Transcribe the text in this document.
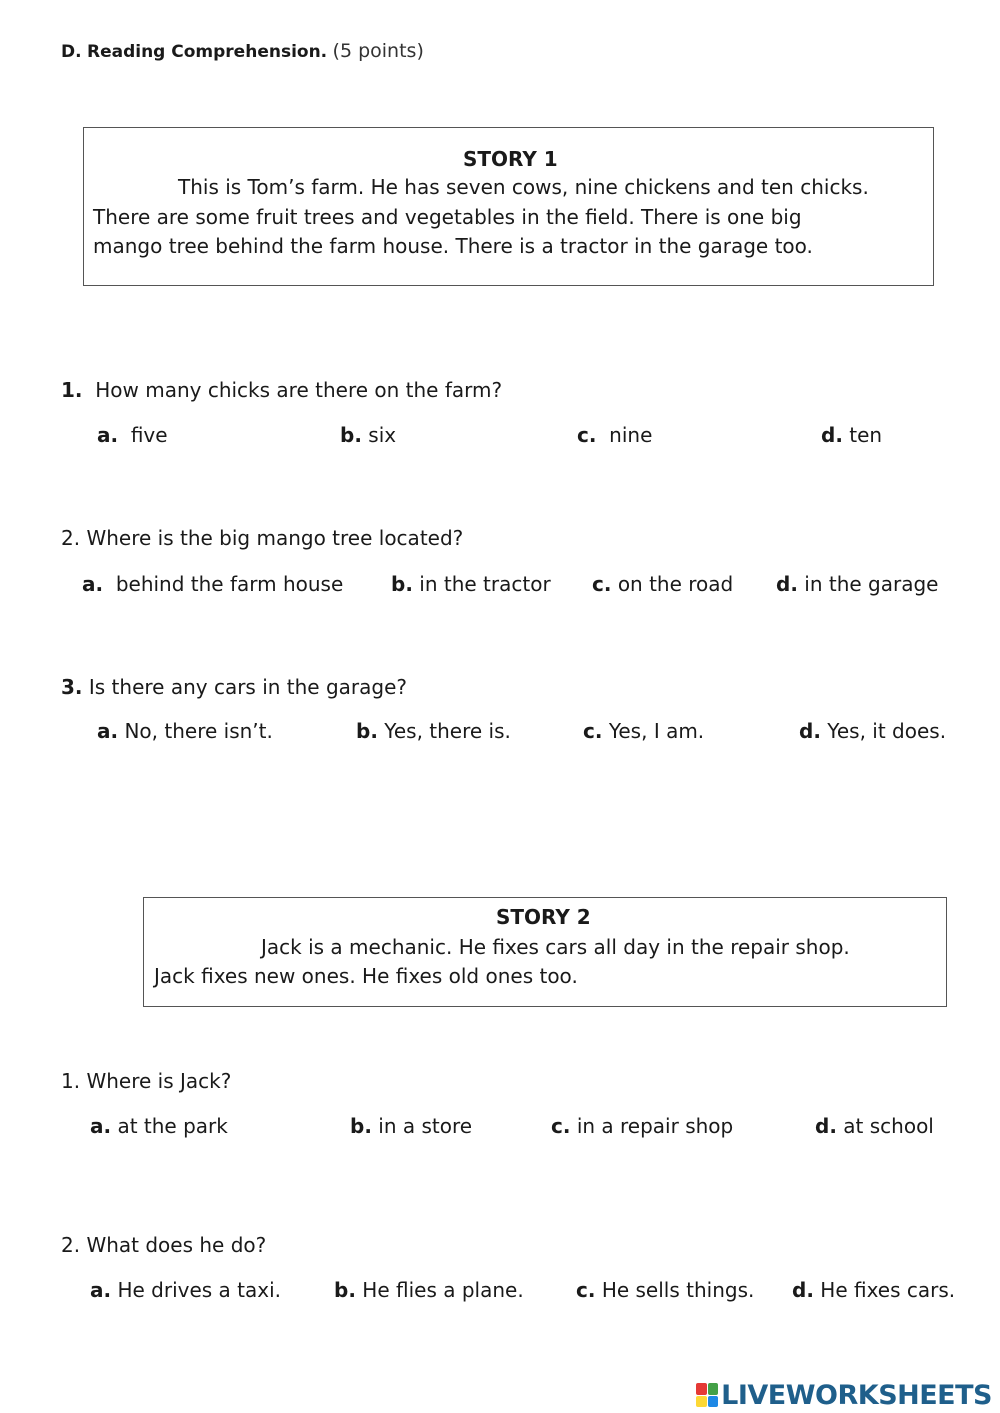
D. Reading Comprehension. (5 points)
STORY 1
This is Tom’s farm. He has seven cows, nine chickens and ten chicks.
There are some fruit trees and vegetables in the field. There is one big
mango tree behind the farm house. There is a tractor in the garage too.
1. How many chicks are there on the farm?
a. five	b. six	c. nine	d. ten
2. Where is the big mango tree located?
a. behind the farm house b. in the tractor c. on the road d. in the garage
3. Is there any cars in the garage?
a. No, there isn’t.	b. Yes, there is.	c. Yes, I am.	d. Yes, it does.
STORY 2
Jack is a mechanic. He fixes cars all day in the repair shop.
Jack fixes new ones. He fixes old ones too.
1. Where is Jack?
a. at the park	b. in a store	c. in a repair shop	d. at school
2. What does he do?
a. He drives a taxi.	b. He flies a plane.	c. He sells things. d. He fixes cars.
LIVEWORKSHEETS
